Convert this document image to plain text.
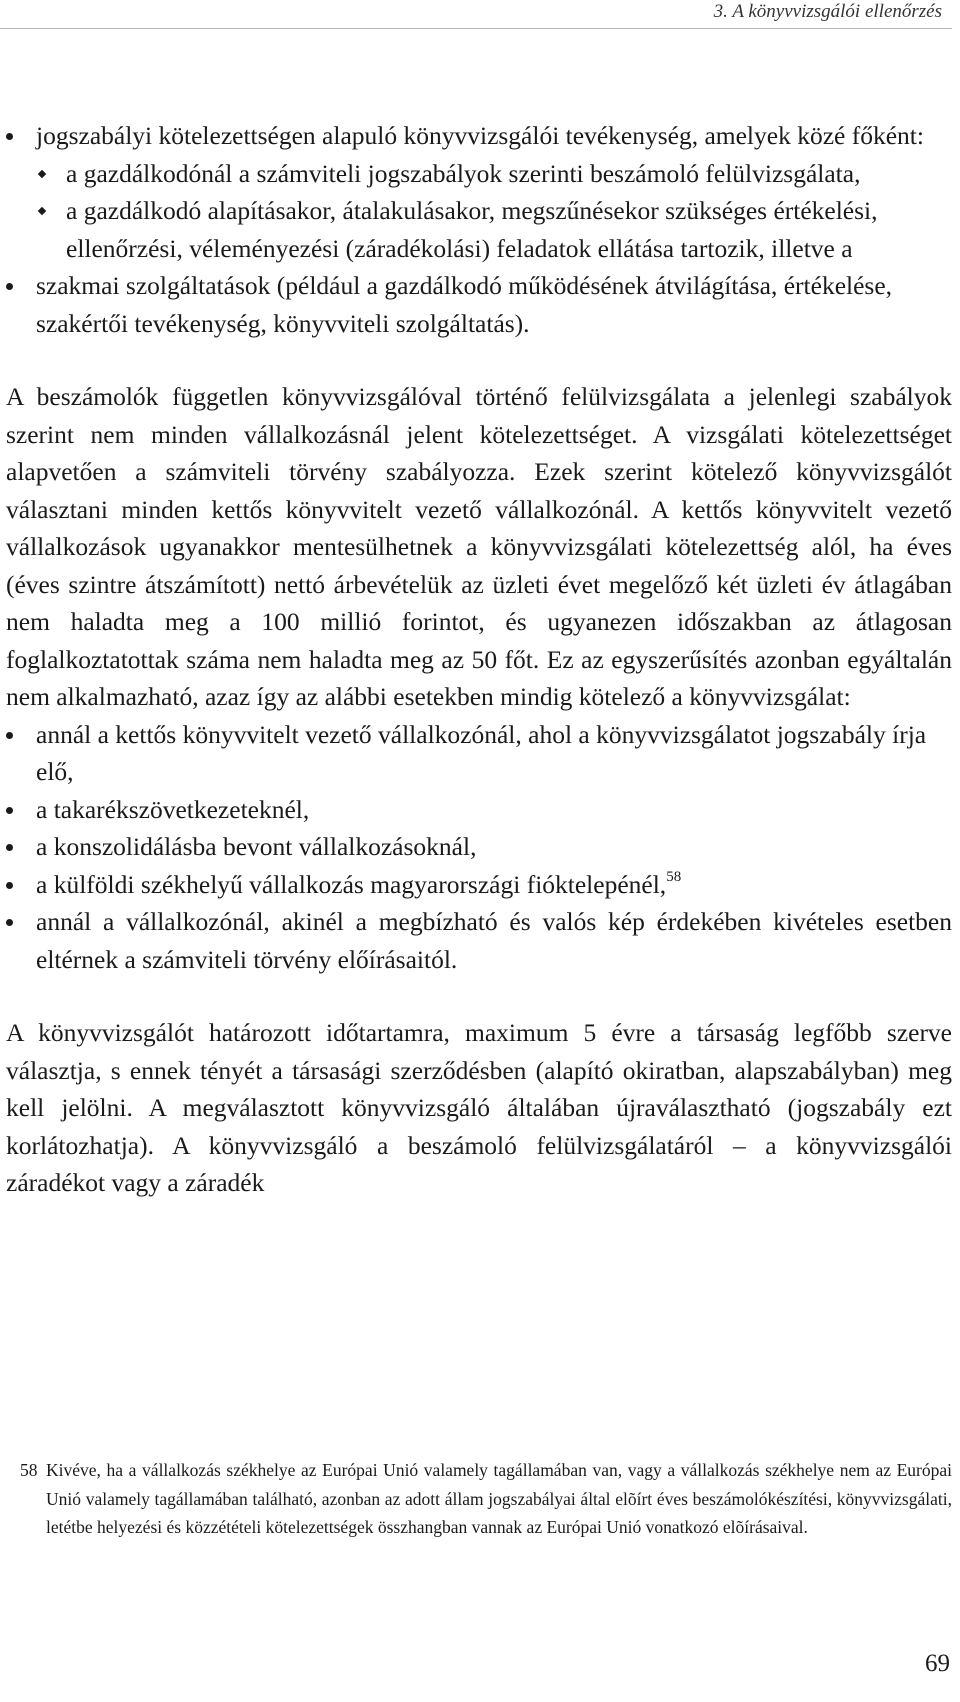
3. A könyvvizsgálói ellenőrzés
jogszabályi kötelezettségen alapuló könyvvizsgálói tevékenység, amelyek közé főként:
a gazdálkodónál a számviteli jogszabályok szerinti beszámoló felülvizsgálata,
a gazdálkodó alapításakor, átalakulásakor, megszűnésekor szükséges értékelési, ellenőrzési, véleményezési (záradékolási) feladatok ellátása tartozik, illetve a
szakmai szolgáltatások (például a gazdálkodó működésének átvilágítása, értékelése, szakértői tevékenység, könyvviteli szolgáltatás).

A beszámolók független könyvvizsgálóval történő felülvizsgálata a jelenlegi szabályok szerint nem minden vállalkozásnál jelent kötelezettséget. A vizsgálati kötelezettséget alapvetően a számviteli törvény szabályozza. Ezek szerint kötelező könyvvizsgálót választani minden kettős könyvvitelt vezető vállalkozónál. A kettős könyvvitelt vezető vállalkozások ugyanakkor mentesülhetnek a könyvvizsgálati kötelezettség alól, ha éves (éves szintre átszámított) nettó árbevételük az üzleti évet megelőző két üzleti év átlagában nem haladta meg a 100 millió forintot, és ugyanezen időszakban az átlagosan foglalkoztatottak száma nem haladta meg az 50 főt. Ez az egyszerűsítés azonban egyáltalán nem alkalmazható, azaz így az alábbi esetekben mindig kötelező a könyvvizsgálat:

annál a kettős könyvvitelt vezető vállalkozónál, ahol a könyvvizsgálatot jogszabály írja elő,
a takarékszövetkezeteknél,
a konszolidálásba bevont vállalkozásoknál,
a külföldi székhelyű vállalkozás magyarországi fióktelepénél,$^{58}$
annál a vállalkozónál, akinél a megbízható és valós kép érdekében kivételes esetben eltérnek a számviteli törvény előírásaitól.

A könyvvizsgálót határozott időtartamra, maximum 5 évre a társaság legfőbb szerve választja, s ennek tényét a társasági szerződésben (alapító okiratban, alapszabályban) meg kell jelölni. A megválasztott könyvvizsgáló általában újraválasztható (jogszabály ezt korlátozhatja). A könyvvizsgáló a beszámoló felülvizsgálatáról – a könyvvizsgálói záradékot vagy a záradék

58 Kivéve, ha a vállalkozás székhelye az Európai Unió valamely tagállamában van, vagy a vállalkozás székhelye nem az Európai Unió valamely tagállamában található, azonban az adott állam jogszabályai által elõírt éves beszámolókészítési, könyvvizsgálati, letétbe helyezési és közzétételi kötelezettségek összhangban vannak az Európai Unió vonatkozó elõírásaival.
69
